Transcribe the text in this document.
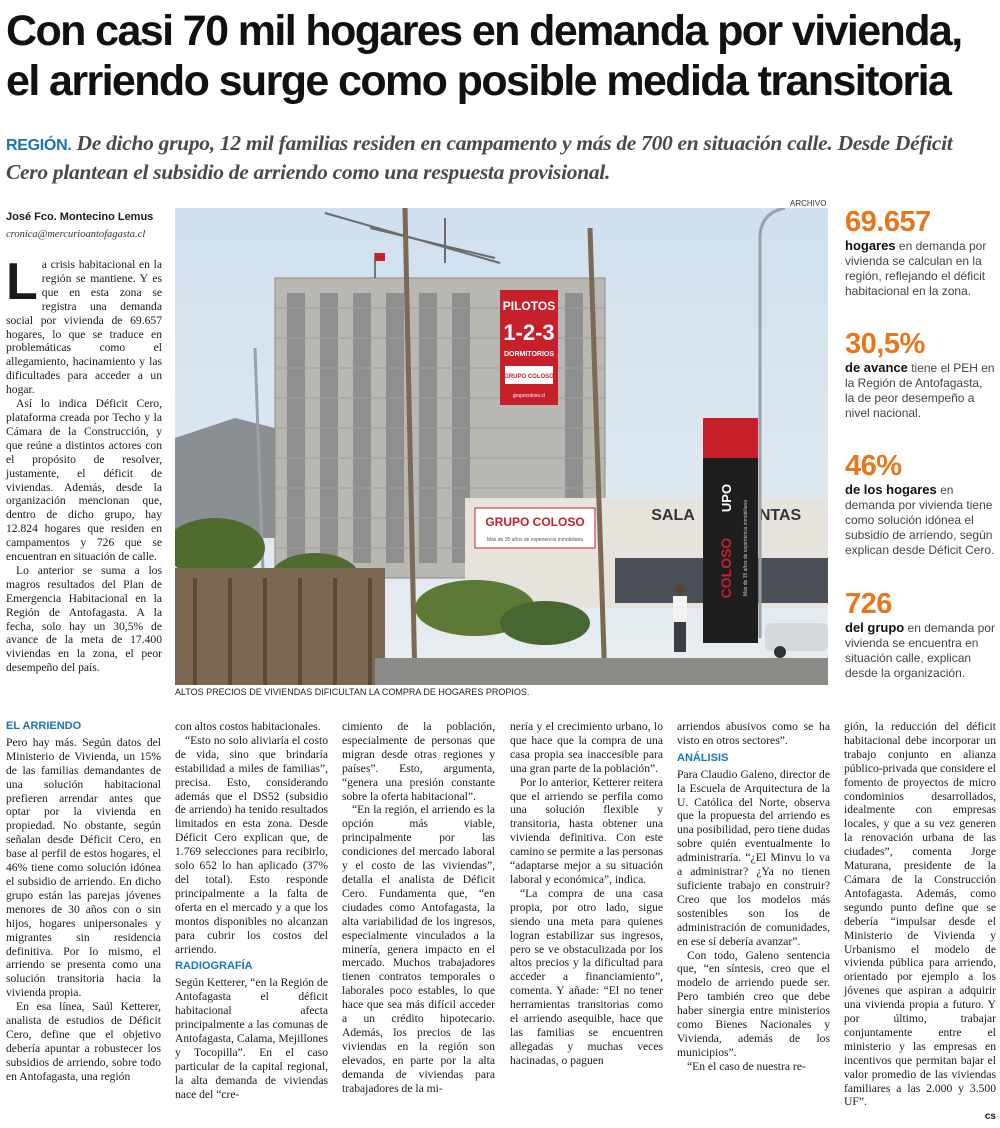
Con casi 70 mil hogares en demanda por vivienda,
el arriendo surge como posible medida transitoria
REGIÓN. De dicho grupo, 12 mil familias residen en campamento y más de 700 en situación calle. Desde Déficit Cero plantean el subsidio de arriendo como una respuesta provisional.
José Fco. Montecino Lemus
cronica@mercurioantofagasta.cl

La crisis habitacional en la región se mantiene. Y es que en esta zona se registra una demanda social por vivienda de 69.657 hogares, lo que se traduce en problemáticas como el allegamiento, hacinamiento y las dificultades para acceder a un hogar.

Así lo indica Déficit Cero, plataforma creada por Techo y la Cámara de la Construcción, y que reúne a distintos actores con el propósito de resolver, justamente, el déficit de viviendas. Además, desde la organización mencionan que, dentro de dicho grupo, hay 12.824 hogares que residen en campamentos y 726 que se encuentran en situación de calle.

Lo anterior se suma a los magros resultados del Plan de Emergencia Habitacional en la Región de Antofagasta. A la fecha, solo hay un 30,5% de avance de la meta de 17.400 viviendas en la zona, el peor desempeño del país.

ARCHIVO
PILOTOS
1-2-3
DORMITORIOS
GRUPO COLOSO
grupocoloso.cl
GRUPO COLOSO
Más de 35 años de experiencia inmobiliaria
SALA	NTAS
UPO
COLOSO Más de 35 años de experiencia inmobiliaria
ALTOS PRECIOS DE VIVIENDAS DIFICULTAN LA COMPRA DE HOGARES PROPIOS.
69.657
hogares en demanda por vivienda se calculan en la región, reflejando el déficit habitacional en la zona.
30,5%
de avance tiene el PEH en la Región de Antofagasta, la de peor desempeño a nivel nacional.
46%
de los hogares en demanda por vivienda tiene como solución idónea el subsidio de arriendo, según explican desde Déficit Cero.
726
del grupo en demanda por vivienda se encuentra en situación calle, explican desde la organización.
EL ARRIENDO

Pero hay más. Según datos del Ministerio de Vivienda, un 15% de las familias demandantes de una solución habitacional prefieren arrendar antes que optar por la vivienda en propiedad. No obstante, según señalan desde Déficit Cero, en base al perfil de estos hogares, el 46% tiene como solución idónea el subsidio de arriendo. En dicho grupo están las parejas jóvenes menores de 30 años con o sin hijos, hogares unipersonales y migrantes sin residencia definitiva. Por lo mismo, el arriendo se presenta como una solución transitoria hacia la vivienda propia.

En esa línea, Saúl Ketterer, analista de estudios de Déficit Cero, define que el objetivo debería apuntar a robustecer los subsidios de arriendo, sobre todo en Antofagasta, una región

con altos costos habitacionales.

“Esto no solo aliviaría el costo de vida, sino que brindaría estabilidad a miles de familias”, precisa. Esto, considerando además que el DS52 (subsidio de arriendo) ha tenido resultados limitados en esta zona. Desde Déficit Cero explican que, de 1.769 selecciones para recibirlo, solo 652 lo han aplicado (37% del total). Esto responde principalmente a la falta de oferta en el mercado y a que los montos disponibles no alcanzan para cubrir los costos del arriendo.

RADIOGRAFÍA

Según Ketterer, “en la Región de Antofagasta el déficit habitacional afecta principalmente a las comunas de Antofagasta, Calama, Mejillones y Tocopilla”. En el caso particular de la capital regional, la alta demanda de viviendas nace del “cre-

cimiento de la población, especialmente de personas que migran desde otras regiones y países”. Esto, argumenta, “genera una presión constante sobre la oferta habitacional”.

“En la región, el arriendo es la opción más viable, principalmente por las condiciones del mercado laboral y el costo de las viviendas”, detalla el analista de Déficit Cero. Fundamenta que, “en ciudades como Antofagasta, la alta variabilidad de los ingresos, especialmente vinculados a la minería, genera impacto en el mercado. Muchos trabajadores tienen contratos temporales o laborales poco estables, lo que hace que sea más difícil acceder a un crédito hipotecario. Además, los precios de las viviendas en la región son elevados, en parte por la alta demanda de viviendas para trabajadores de la mi-

nería y el crecimiento urbano, lo que hace que la compra de una casa propia sea inaccesible para una gran parte de la población”.

Por lo anterior, Ketterer reitera que el arriendo se perfila como una solución flexible y transitoria, hasta obtener una vivienda definitiva. Con este camino se permite a las personas “adaptarse mejor a su situación laboral y económica”, indica.

“La compra de una casa propia, por otro lado, sigue siendo una meta para quienes logran estabilizar sus ingresos, pero se ve obstaculizada por los altos precios y la dificultad para acceder a financiamiento”, comenta. Y añade: “El no tener herramientas transitorias como el arriendo asequible, hace que las familias se encuentren allegadas y muchas veces hacinadas, o paguen

arriendos abusivos como se ha visto en otros sectores”.

ANÁLISIS

Para Claudio Galeno, director de la Escuela de Arquitectura de la U. Católica del Norte, observa que la propuesta del arriendo es una posibilidad, pero tiene dudas sobre quién eventualmente lo administraría. “¿El Minvu lo va a administrar? ¿Ya no tienen suficiente trabajo en construir? Creo que los modelos más sostenibles son los de administración de comunidades, en ese sí debería avanzar”.

Con todo, Galeno sentencia que, “en síntesis, creo que el modelo de arriendo puede ser. Pero también creo que debe haber sinergia entre ministerios como Bienes Nacionales y Vivienda, además de los municipios”.

“En el caso de nuestra re-

gión, la reducción del déficit habitacional debe incorporar un trabajo conjunto en alianza público-privada que considere el fomento de proyectos de micro condominios desarrollados, idealmente con empresas locales, y que a su vez generen la renovación urbana de las ciudades”, comenta Jorge Maturana, presidente de la Cámara de la Construcción Antofagasta. Además, como segundo punto define que se debería “impulsar desde el Ministerio de Vivienda y Urbanismo el modelo de vivienda pública para arriendo, orientado por ejemplo a los jóvenes que aspiran a adquirir una vivienda propia a futuro. Y por último, trabajar conjuntamente entre el ministerio y las empresas en incentivos que permitan bajar el valor promedio de las viviendas familiares a las 2.000 y 3.500 UF”.

cs
